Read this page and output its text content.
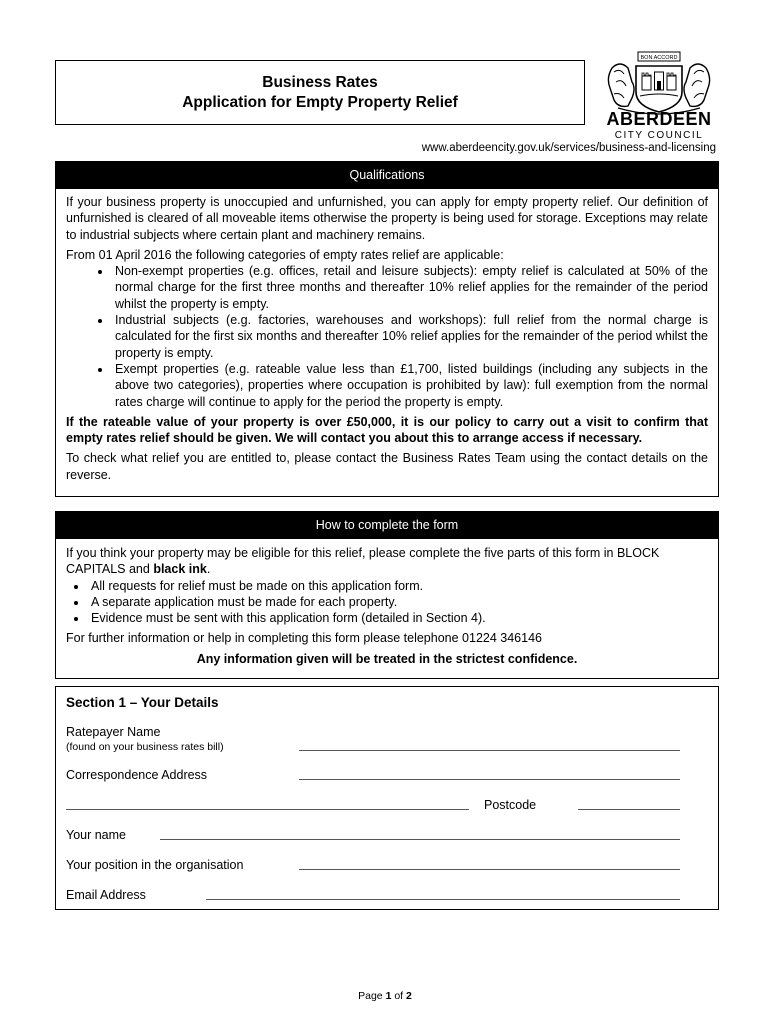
Business Rates
Application for Empty Property Relief
BON ACCORD
ABERDEEN
CITY COUNCIL
www.aberdeencity.gov.uk/services/business-and-licensing
Qualifications

If your business property is unoccupied and unfurnished, you can apply for empty property relief. Our definition of unfurnished is cleared of all moveable items otherwise the property is being used for storage. Exceptions may relate to industrial subjects where certain plant and machinery remains.

From 01 April 2016 the following categories of empty rates relief are applicable:

• Non-exempt properties (e.g. offices, retail and leisure subjects): empty relief is calculated at 50% of the normal charge for the first three months and thereafter 10% relief applies for the remainder of the period whilst the property is empty.
• Industrial subjects (e.g. factories, warehouses and workshops): full relief from the normal charge is calculated for the first six months and thereafter 10% relief applies for the remainder of the period whilst the property is empty.
• Exempt properties (e.g. rateable value less than £1,700, listed buildings (including any subjects in the above two categories), properties where occupation is prohibited by law): full exemption from the normal rates charge will continue to apply for the period the property is empty.

If the rateable value of your property is over £50,000, it is our policy to carry out a visit to confirm that empty rates relief should be given. We will contact you about this to arrange access if necessary.

To check what relief you are entitled to, please contact the Business Rates Team using the contact details on the reverse.

How to complete the form

If you think your property may be eligible for this relief, please complete the five parts of this form in BLOCK CAPITALS and black ink.

• All requests for relief must be made on this application form.
• A separate application must be made for each property.
• Evidence must be sent with this application form (detailed in Section 4).

For further information or help in completing this form please telephone 01224 346146

Any information given will be treated in the strictest confidence.

Section 1 – Your Details
Ratepayer Name
(found on your business rates bill)
Correspondence Address
Postcode
Your name
Your position in the organisation
Email Address
Page 1 of 2
